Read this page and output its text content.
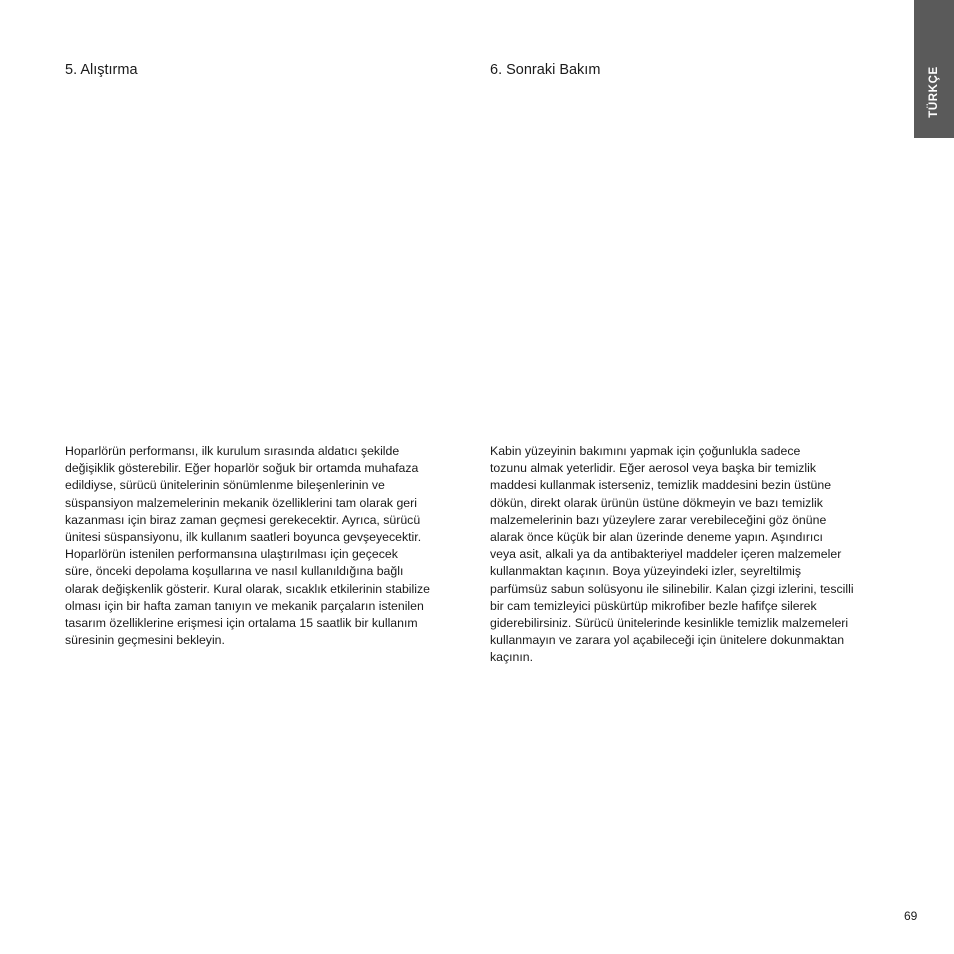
5. Alıştırma	6. Sonraki Bakım

Hoparlörün performansı, ilk kurulum sırasında aldatıcı şekilde
değişiklik gösterebilir. Eğer hoparlör soğuk bir ortamda muhafaza
edildiyse, sürücü ünitelerinin sönümlenme bileşenlerinin ve
süspansiyon malzemelerinin mekanik özelliklerini tam olarak geri
kazanması için biraz zaman geçmesi gerekecektir. Ayrıca, sürücü
ünitesi süspansiyonu, ilk kullanım saatleri boyunca gevşeyecektir.
Hoparlörün istenilen performansına ulaştırılması için geçecek
süre, önceki depolama koşullarına ve nasıl kullanıldığına bağlı
olarak değişkenlik gösterir. Kural olarak, sıcaklık etkilerinin stabilize
olması için bir hafta zaman tanıyın ve mekanik parçaların istenilen
tasarım özelliklerine erişmesi için ortalama 15 saatlik bir kullanım
süresinin geçmesini bekleyin.

Kabin yüzeyinin bakımını yapmak için çoğunlukla sadece
tozunu almak yeterlidir. Eğer aerosol veya başka bir temizlik
maddesi kullanmak isterseniz, temizlik maddesini bezin üstüne
dökün, direkt olarak ürünün üstüne dökmeyin ve bazı temizlik
malzemelerinin bazı yüzeylere zarar verebileceğini göz önüne
alarak önce küçük bir alan üzerinde deneme yapın. Aşındırıcı
veya asit, alkali ya da antibakteriyel maddeler içeren malzemeler
kullanmaktan kaçının. Boya yüzeyindeki izler, seyreltilmiş
parfümsüz sabun solüsyonu ile silinebilir. Kalan çizgi izlerini, tescilli
bir cam temizleyici püskürtüp mikrofiber bezle hafifçe silerek
giderebilirsiniz. Sürücü ünitelerinde kesinlikle temizlik malzemeleri
kullanmayın ve zarara yol açabileceği için ünitelere dokunmaktan
kaçının.

TÜRKÇE
69
